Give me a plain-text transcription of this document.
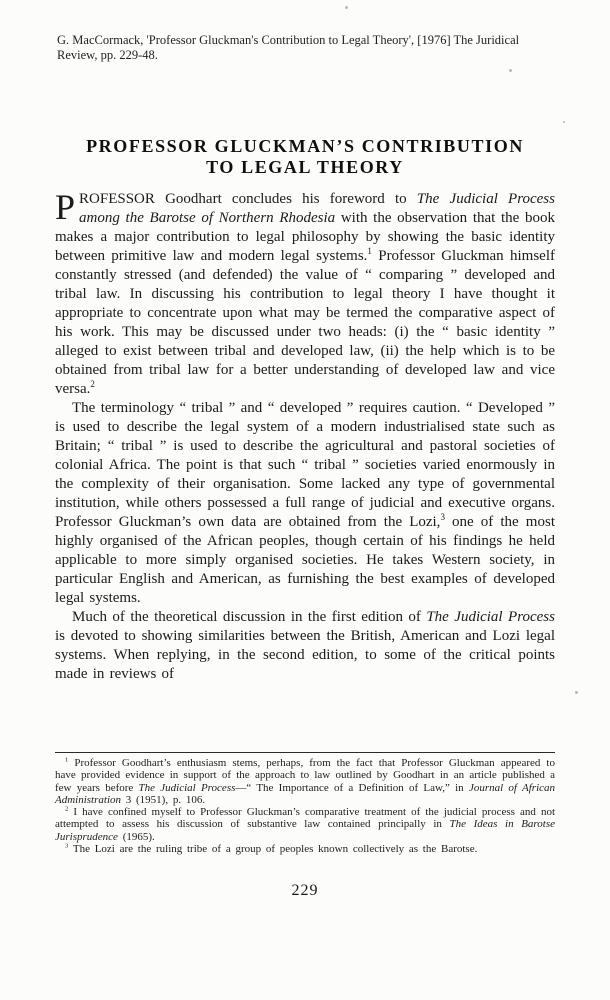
G. MacCormack, 'Professor Gluckman's Contribution to Legal Theory', [1976] The Juridical
Review, pp. 229-48.
PROFESSOR GLUCKMAN’S CONTRIBUTION
TO LEGAL THEORY

PROFESSOR Goodhart concludes his foreword to The Judicial Process among the Barotse of Northern Rhodesia with the observation that the book makes a major contribution to legal philosophy by showing the basic identity between primitive law and modern legal systems.$^1$ Professor Gluckman himself constantly stressed (and defended) the value of “ comparing ” developed and tribal law. In discussing his contribution to legal theory I have thought it appropriate to concentrate upon what may be termed the comparative aspect of his work. This may be discussed under two heads: (i) the “ basic identity ” alleged to exist between tribal and developed law, (ii) the help which is to be obtained from tribal law for a better understanding of developed law and vice versa.$^2$

The terminology “ tribal ” and “ developed ” requires caution. “ Developed ” is used to describe the legal system of a modern industrialised state such as Britain; “ tribal ” is used to describe the agricultural and pastoral societies of colonial Africa. The point is that such “ tribal ” societies varied enormously in the complexity of their organisation. Some lacked any type of governmental institution, while others possessed a full range of judicial and executive organs. Professor Gluckman’s own data are obtained from the Lozi,$^3$ one of the most highly organised of the African peoples, though certain of his findings he held applicable to more simply organised societies. He takes Western society, in particular English and American, as furnishing the best examples of developed legal systems.

Much of the theoretical discussion in the first edition of The Judicial Process is devoted to showing similarities between the British, American and Lozi legal systems. When replying, in the second edition, to some of the critical points made in reviews of

$^1$ Professor Goodhart’s enthusiasm stems, perhaps, from the fact that Professor Gluckman appeared to have provided evidence in support of the approach to law outlined by Goodhart in an article published a few years before The Judicial Process—“ The Importance of a Definition of Law,” in Journal of African Administration 3 (1951), p. 106.

$^2$ I have confined myself to Professor Gluckman’s comparative treatment of the judicial process and not attempted to assess his discussion of substantive law contained principally in The Ideas in Barotse Jurisprudence (1965).

$^3$ The Lozi are the ruling tribe of a group of peoples known collectively as the Barotse.

229
